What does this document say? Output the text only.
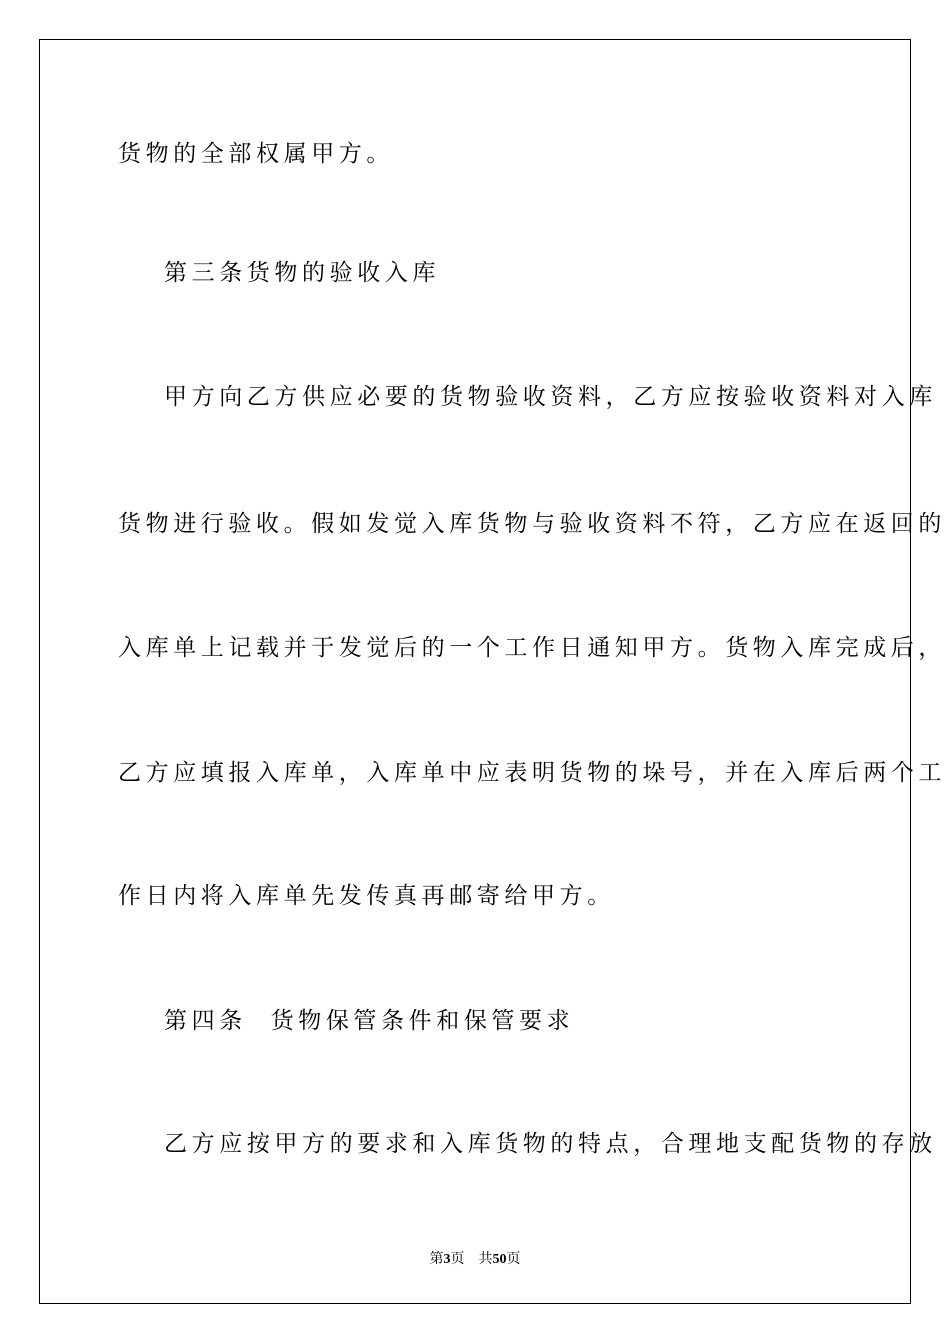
货物的全部权属甲方。
第三条货物的验收入库
甲方向乙方供应必要的货物验收资料，乙方应按验收资料对入库
货物进行验收。假如发觉入库货物与验收资料不符，乙方应在返回的
入库单上记载并于发觉后的一个工作日通知甲方。货物入库完成后，
乙方应填报入库单，入库单中应表明货物的垛号，并在入库后两个工
作日内将入库单先发传真再邮寄给甲方。
第四条  货物保管条件和保管要求
乙方应按甲方的要求和入库货物的特点，合理地支配货物的存放
第3页 共50页
